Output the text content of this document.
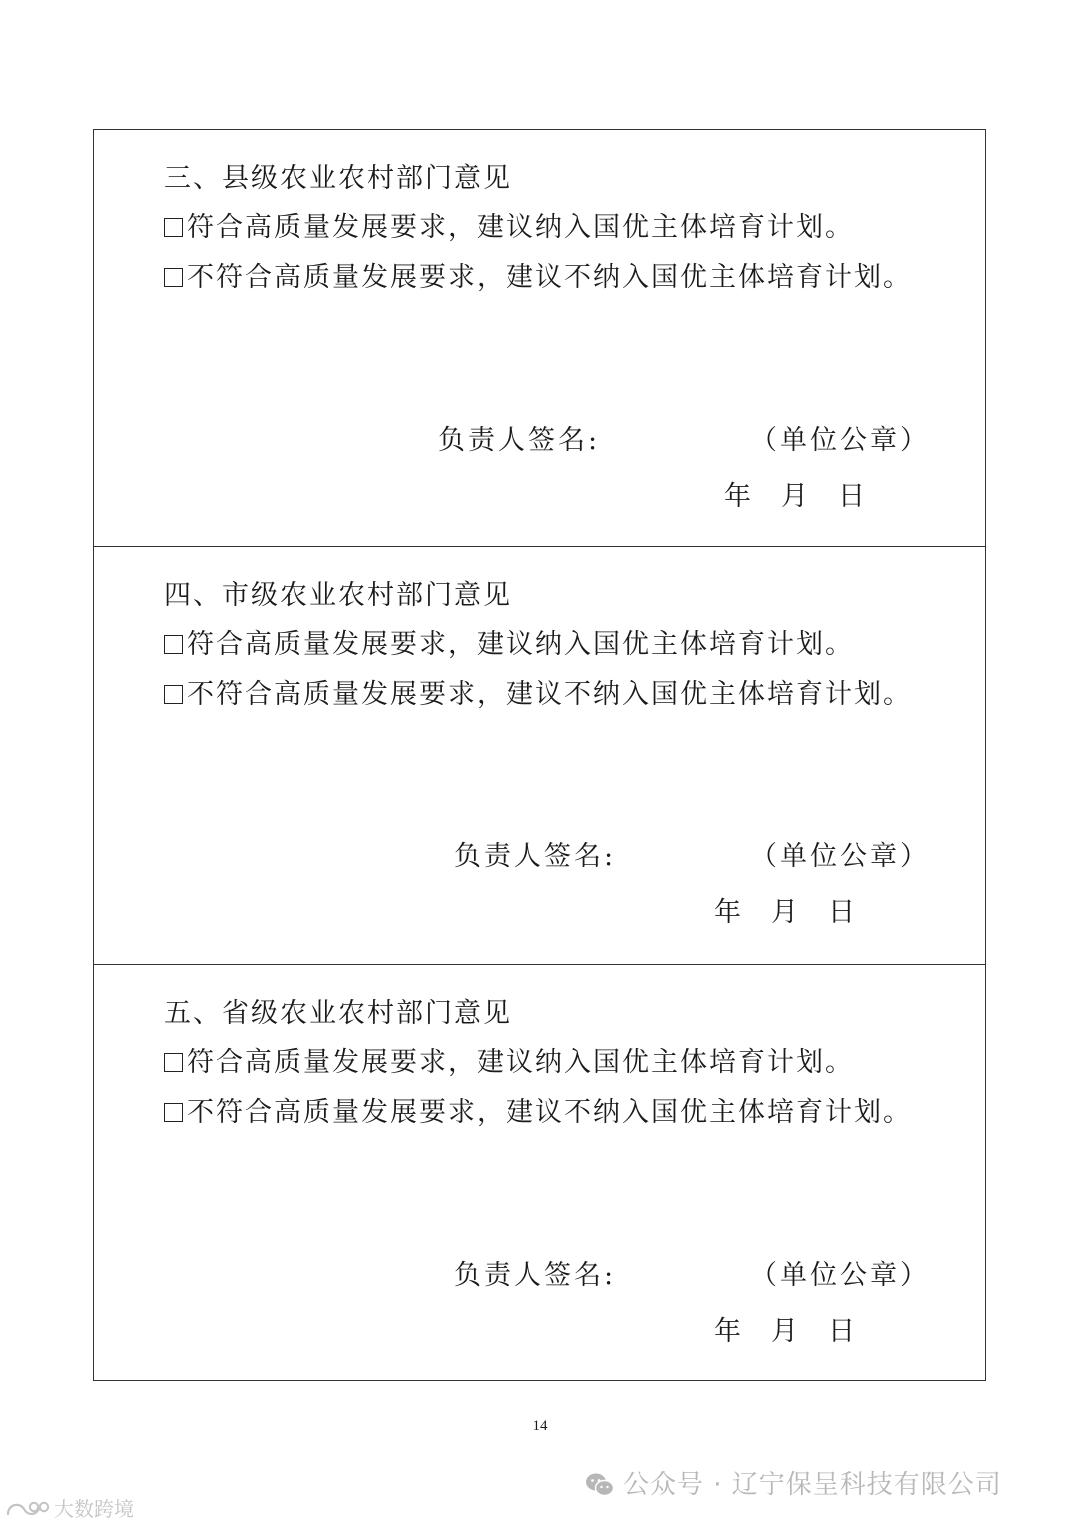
三、县级农业农村部门意见
符合高质量发展要求，建议纳入国优主体培育计划。
不符合高质量发展要求，建议不纳入国优主体培育计划。
负责人签名:	（单位公章）
年 月 日
四、市级农业农村部门意见
符合高质量发展要求，建议纳入国优主体培育计划。
不符合高质量发展要求，建议不纳入国优主体培育计划。
负责人签名:	（单位公章）
年 月 日
五、省级农业农村部门意见
符合高质量发展要求，建议纳入国优主体培育计划。
不符合高质量发展要求，建议不纳入国优主体培育计划。
负责人签名:	（单位公章）
年 月 日
14
公众号 · 辽宁保呈科技有限公司
大数跨境
